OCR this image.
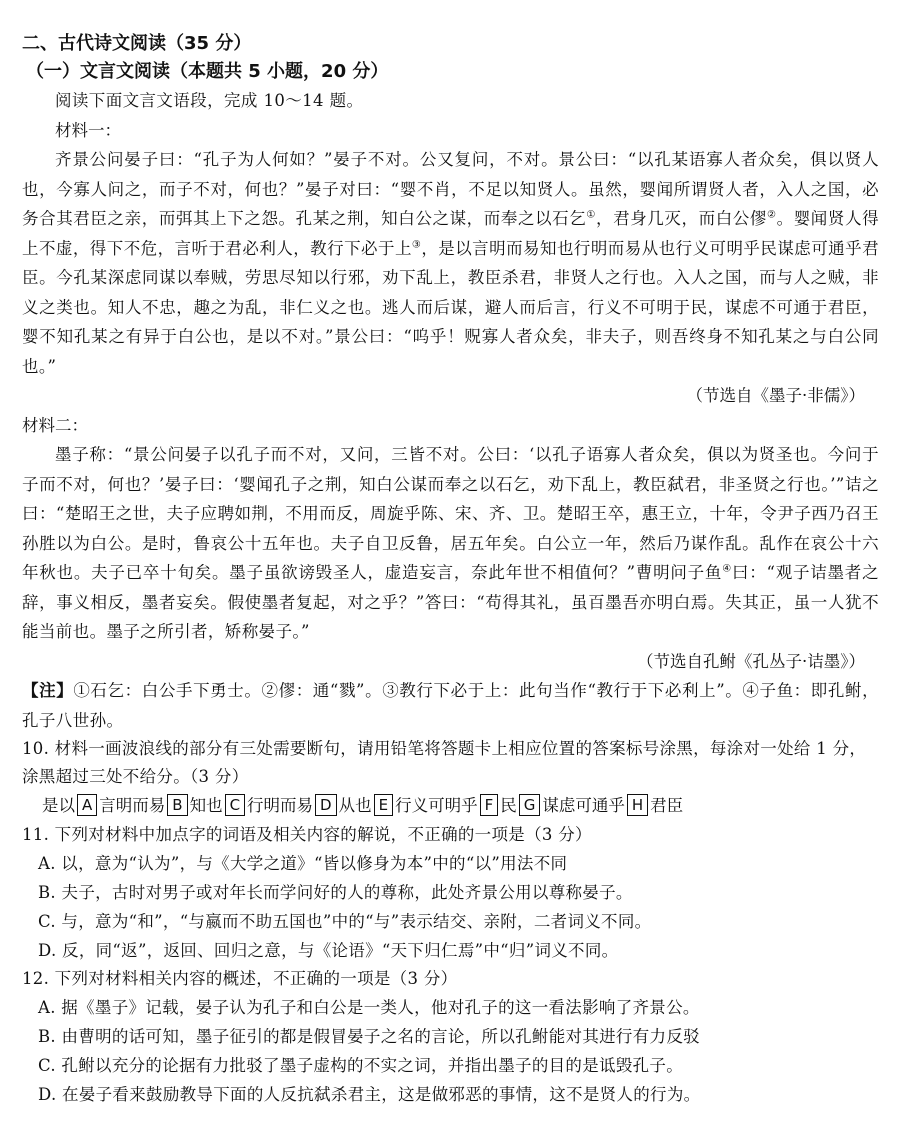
二、古代诗文阅读（35 分）

（一）文言文阅读（本题共 5 小题，20 分）

阅读下面文言文语段，完成 10～14 题。

材料一：

齐景公问晏子曰：“孔子为人何如？”晏子不对。公又复问，不对。景公曰：“以孔某语寡人者众矣，俱以贤人也，今寡人问之，而子不对，何也？”晏子对曰：“婴不肖，不足以知贤人。虽然，婴闻所谓贤人者，入人之国，必务合其君臣之亲，而弭其上下之怨。孔某之荆，知白公之谋，而奉之以石乞①，君身几灭，而白公僇②。婴闻贤人得上不虚，得下不危，言听于君必利人，教行下必于上③，是以言明而易知也行明而易从也行义可明乎民谋虑可通乎君臣。今孔某深虑同谋以奉贼，劳思尽知以行邪，劝下乱上，教臣杀君，非贤人之行也。入人之国，而与人之贼，非义之类也。知人不忠，趣之为乱，非仁义之也。逃人而后谋，避人而后言，行义不可明于民，谋虑不可通于君臣，婴不知孔某之有异于白公也，是以不对。”景公曰：“呜乎！贶寡人者众矣，非夫子，则吾终身不知孔某之与白公同也。”

（节选自《墨子·非儒》）

材料二：

墨子称：“景公问晏子以孔子而不对，又问，三皆不对。公曰：‘以孔子语寡人者众矣，俱以为贤圣也。今问于子而不对，何也？’晏子曰：‘婴闻孔子之荆，知白公谋而奉之以石乞，劝下乱上，教臣弑君，非圣贤之行也。’”诘之曰：“楚昭王之世，夫子应聘如荆，不用而反，周旋乎陈、宋、齐、卫。楚昭王卒，惠王立，十年，令尹子西乃召王孙胜以为白公。是时，鲁哀公十五年也。夫子自卫反鲁，居五年矣。白公立一年，然后乃谋作乱。乱作在哀公十六年秋也。夫子已卒十旬矣。墨子虽欲谤毁圣人，虚造妄言，奈此年世不相值何？”曹明问子鱼④曰：“观子诘墨者之辞，事义相反，墨者妄矣。假使墨者复起，对之乎？”答曰：“苟得其礼，虽百墨吾亦明白焉。失其正，虽一人犹不能当前也。墨子之所引者，矫称晏子。”

（节选自孔鲋《孔丛子·诘墨》）

【注】①石乞：白公手下勇士。②僇：通“戮”。③教行下必于上：此句当作“教行于下必利上”。④子鱼：即孔鲋，孔子八世孙。

10. 材料一画波浪线的部分有三处需要断句，请用铅笔将答题卡上相应位置的答案标号涂黑，每涂对一处给 1 分，涂黑超过三处不给分。（3 分）

是以 A 言明而易 B 知也 C 行明而易 D 从也 E 行义可明乎 F 民 G 谋虑可通乎 H 君臣

11. 下列对材料中加点字的词语及相关内容的解说，不正确的一项是（3 分）

A. 以，意为“认为”，与《大学之道》“皆以修身为本”中的“以”用法不同

B. 夫子，古时对男子或对年长而学问好的人的尊称，此处齐景公用以尊称晏子。

C. 与，意为“和”，“与嬴而不助五国也”中的“与”表示结交、亲附，二者词义不同。

D. 反，同“返”，返回、回归之意，与《论语》“天下归仁焉”中“归”词义不同。

12. 下列对材料相关内容的概述，不正确的一项是（3 分）

A. 据《墨子》记载，晏子认为孔子和白公是一类人，他对孔子的这一看法影响了齐景公。

B. 由曹明的话可知，墨子征引的都是假冒晏子之名的言论，所以孔鲋能对其进行有力反驳

C. 孔鲋以充分的论据有力批驳了墨子虚构的不实之词，并指出墨子的目的是诋毁孔子。

D. 在晏子看来鼓励教导下面的人反抗弑杀君主，这是做邪恶的事情，这不是贤人的行为。
